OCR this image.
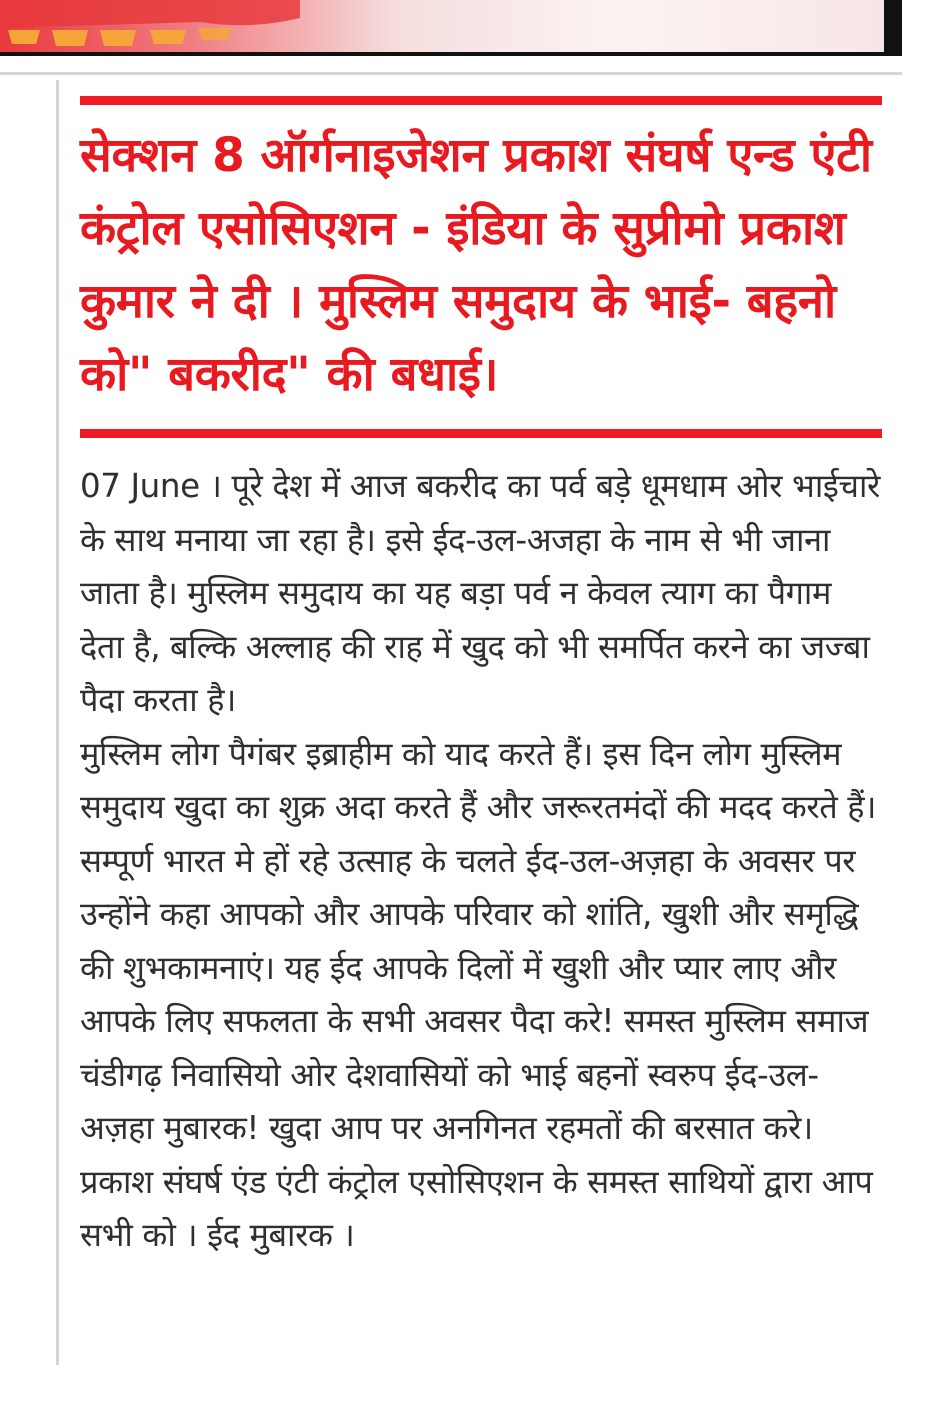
सेक्शन 8 ऑर्गनाइजेशन प्रकाश संघर्ष एन्ड एंटी कंट्रोल एसोसिएशन - इंडिया के सुप्रीमो प्रकाश कुमार ने दी । मुस्लिम समुदाय के भाई- बहनो को" बकरीद" की बधाई।

07 June । पूरे देश में आज बकरीद का पर्व बड़े धूमधाम ओर भाईचारे के साथ मनाया जा रहा है। इसे ईद-उल-अजहा के नाम से भी जाना जाता है। मुस्लिम समुदाय का यह बड़ा पर्व न केवल त्याग का पैगाम देता है, बल्कि अल्लाह की राह में खुद को भी समर्पित करने का जज्बा पैदा करता है।

मुस्लिम लोग पैगंबर इब्राहीम को याद करते हैं। इस दिन लोग मुस्लिम समुदाय खुदा का शुक्र अदा करते हैं और जरूरतमंदों की मदद करते हैं। सम्पूर्ण भारत मे हों रहे उत्साह के चलते ईद-उल-अज़हा के अवसर पर उन्होंने कहा आपको और आपके परिवार को शांति, खुशी और समृद्धि की शुभकामनाएं। यह ईद आपके दिलों में खुशी और प्यार लाए और आपके लिए सफलता के सभी अवसर पैदा करे! समस्त मुस्लिम समाज चंडीगढ़ निवासियो ओर देशवासियों को भाई बहनों स्वरुप ईद-उल-अज़हा मुबारक! खुदा आप पर अनगिनत रहमतों की बरसात करे। प्रकाश संघर्ष एंड एंटी कंट्रोल एसोसिएशन के समस्त साथियों द्वारा आप सभी को । ईद मुबारक ।
